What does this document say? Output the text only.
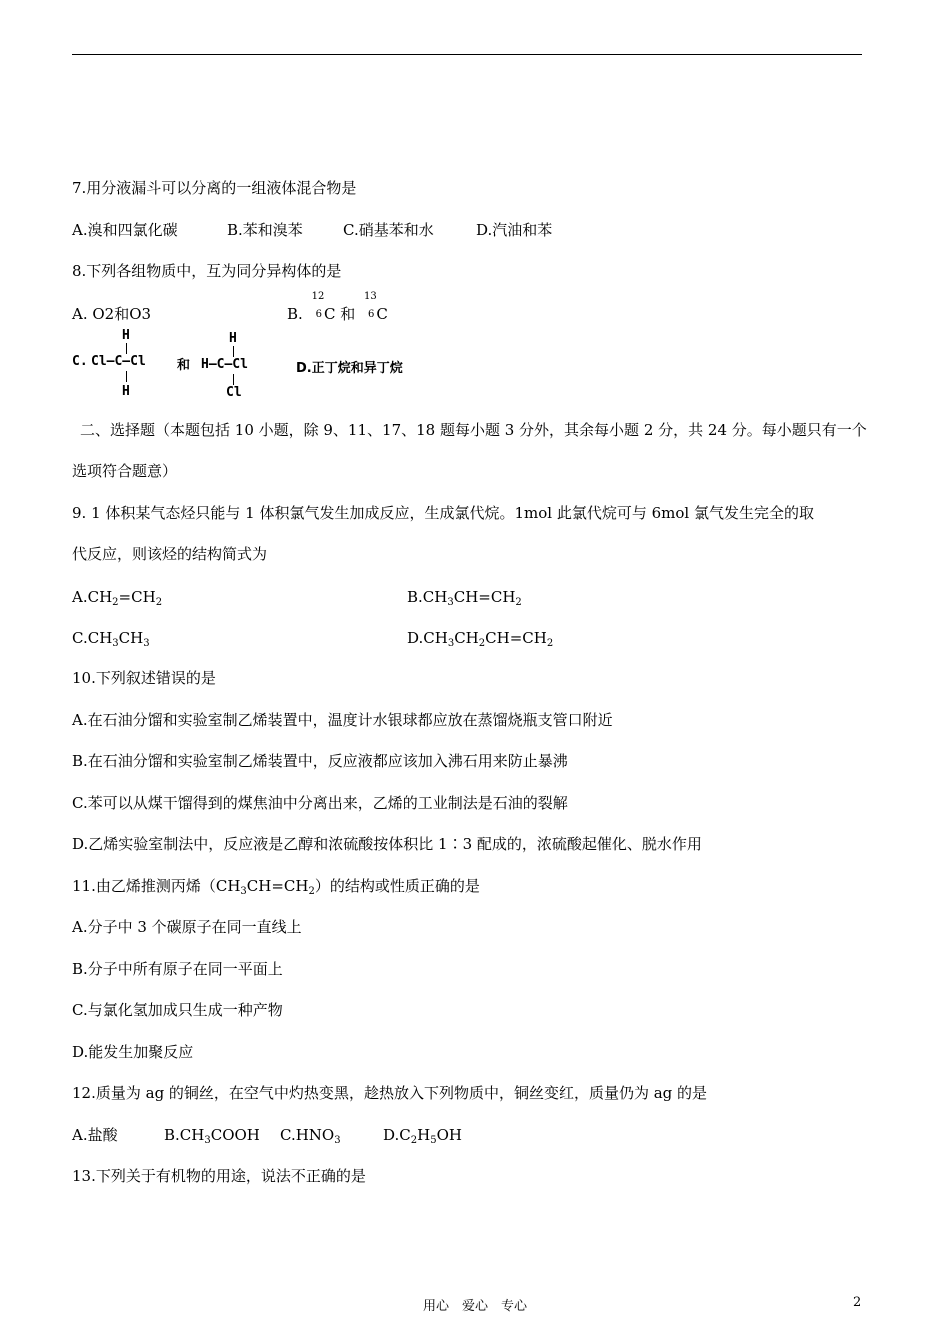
7.用分液漏斗可以分离的一组液体混合物是
A.溴和四氯化碳	B.苯和溴苯	C.硝基苯和水	D.汽油和苯
8.下列各组物质中，互为同分异构体的是
A. O2和O3	B.
12
6 C 和
13
6 C
C.
H
Cl—C—Cl
H
和
H
H—C—Cl
Cl
D.正丁烷和异丁烷
二、选择题（本题包括 10 小题，除 9、11、17、18 题每小题 3 分外，其余每小题 2 分，共 24 分。每小题只有一个
选项符合题意）
9. 1 体积某气态烃只能与 1 体积氯气发生加成反应，生成氯代烷。1mol 此氯代烷可与 6mol 氯气发生完全的取
代反应，则该烃的结构简式为
$A.CH_2=CH_2$	$B.CH_3CH=CH_2$
$C.CH_3CH_3$	$D.CH_3CH_2CH=CH_2$
10.下列叙述错误的是
A.在石油分馏和实验室制乙烯装置中，温度计水银球都应放在蒸馏烧瓶支管口附近
B.在石油分馏和实验室制乙烯装置中，反应液都应该加入沸石用来防止暴沸
C.苯可以从煤干馏得到的煤焦油中分离出来，乙烯的工业制法是石油的裂解
D.乙烯实验室制法中，反应液是乙醇和浓硫酸按体积比 1∶3 配成的，浓硫酸起催化、脱水作用
11.由乙烯推测丙烯$(CH_3CH=CH_2)$的结构或性质正确的是
A.分子中 3 个碳原子在同一直线上
B.分子中所有原子在同一平面上
C.与氯化氢加成只生成一种产物
D.能发生加聚反应
12.质量为 ag 的铜丝，在空气中灼热变黑，趁热放入下列物质中，铜丝变红，质量仍为 ag 的是
A.盐酸	$B.CH_3COOH$ $C.HNO_3$	$D.C_2H_5OH$
13.下列关于有机物的用途，说法不正确的是
用心　爱心　专心	2
